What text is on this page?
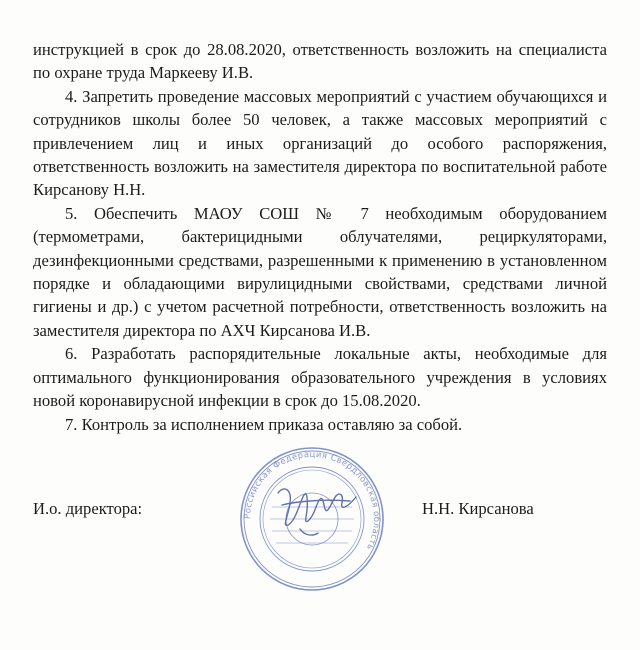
инструкцией в срок до 28.08.2020, ответственность возложить на специалиста по охране труда Маркееву И.В.

4. Запретить проведение массовых мероприятий с участием обучающихся и сотрудников школы более 50 человек, а также массовых мероприятий с привлечением лиц и иных организаций до особого распоряжения, ответственность возложить на заместителя директора по воспитательной работе Кирсанову Н.Н.

5. Обеспечить МАОУ СОШ № 7 необходимым оборудованием (термометрами, бактерицидными облучателями, рециркуляторами, дезинфекционными средствами, разрешенными к применению в установленном порядке и обладающими вирулицидными свойствами, средствами личной гигиены и др.) с учетом расчетной потребности, ответственность возложить на заместителя директора по АХЧ Кирсанова И.В.

6. Разработать распорядительные локальные акты, необходимые для оптимального функционирования образовательного учреждения в условиях новой коронавирусной инфекции в срок до 15.08.2020.

7. Контроль за исполнением приказа оставляю за собой.

Российская Федерация Свердловская область
И.о. директора:	Н.Н. Кирсанова
